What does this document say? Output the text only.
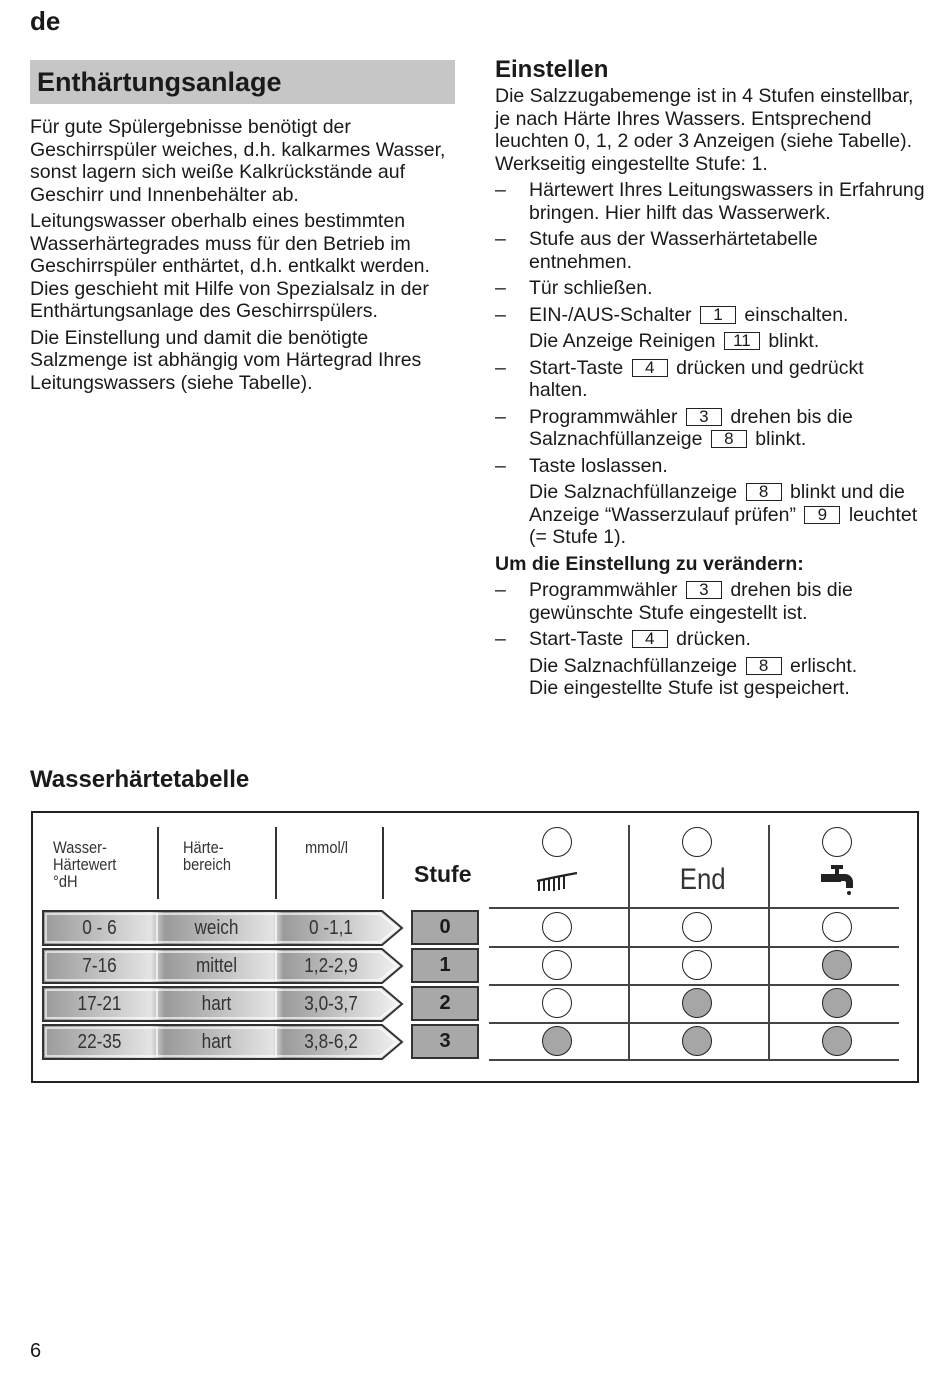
de
Enthärtungsanlage

Für gute Spülergebnisse benötigt der Geschirrspüler weiches, d.h. kalkarmes Wasser, sonst lagern sich weiße Kalkrückstände auf Geschirr und Innenbehälter ab.

Leitungswasser oberhalb eines bestimmten Wasserhärtegrades muss für den Betrieb im Geschirrspüler enthärtet, d.h. entkalkt werden. Dies geschieht mit Hilfe von Spezialsalz in der Enthärtungsanlage des Geschirrspülers.

Die Einstellung und damit die benötigte Salzmenge ist abhängig vom Härtegrad Ihres Leitungswassers (siehe Tabelle).

Einstellen

Die Salzzugabemenge ist in 4 Stufen einstellbar, je nach Härte Ihres Wassers. Entsprechend leuchten 0, 1, 2 oder 3 Anzeigen (siehe Tabelle). Werkseitig eingestellte Stufe: 1.

– Härtewert Ihres Leitungswassers in Erfahrung bringen. Hier hilft das Wasserwerk.
– Stufe aus der Wasserhärtetabelle entnehmen.
– Tür schließen.
– EIN-/AUS-Schalter 1 einschalten.
Die Anzeige Reinigen 11 blinkt.
– Start-Taste 4 drücken und gedrückt halten.
– Programmwähler 3 drehen bis die Salznachfüllanzeige 8 blinkt.
– Taste loslassen.
Die Salznachfüllanzeige 8 blinkt und die Anzeige “Wasserzulauf prüfen” 9 leuchtet (= Stufe 1).

Um die Einstellung zu verändern:

– Programmwähler 3 drehen bis die gewünschte Stufe eingestellt ist.
– Start-Taste 4 drücken.
Die Salznachfüllanzeige 8 erlischt.
Die eingestellte Stufe ist gespeichert.
Wasserhärtetabelle
Wasser-
Härtewert
°dH
Härte-
bereich
mmol/l
Stufe	End
0 - 6	weich	0 -1,1	0
7-16	mittel	1,2-2,9	1
17-21	hart	3,0-3,7	2
22-35	hart	3,8-6,2	3
6
